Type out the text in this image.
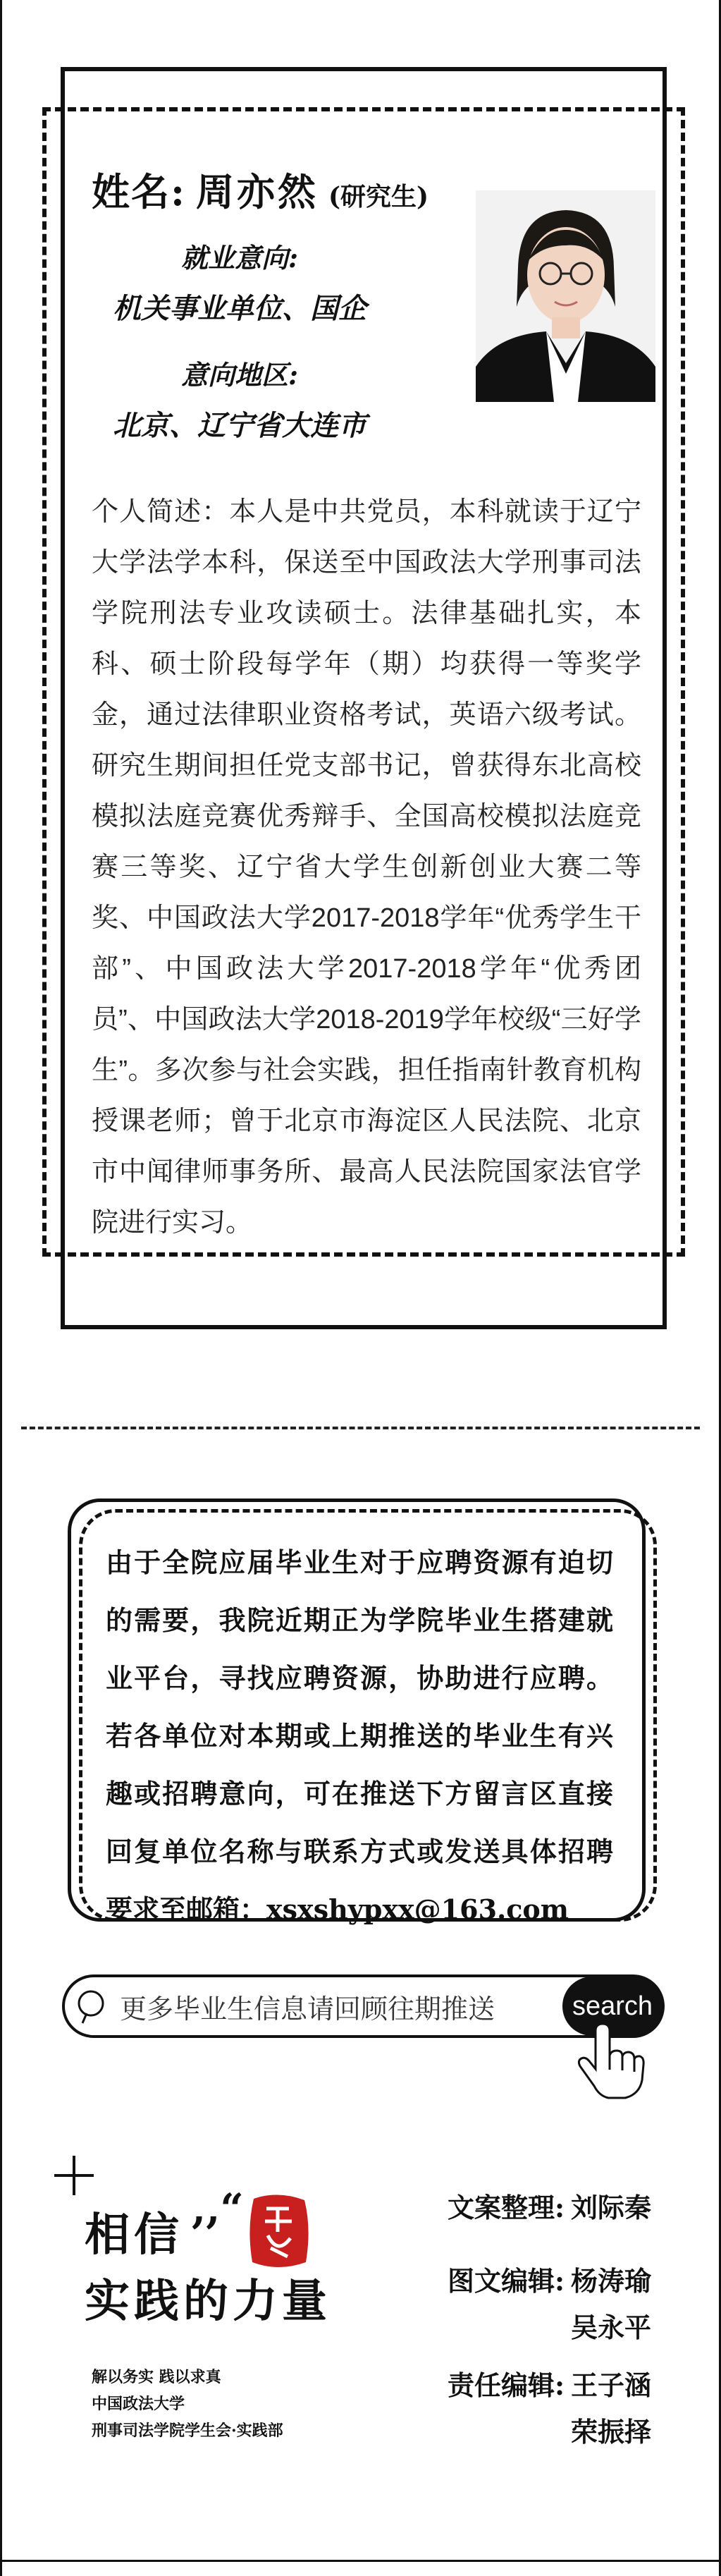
姓名: 周亦然 (研究生)
就业意向:
机关事业单位、国企
意向地区:
北京、辽宁省大连市
个人简述：本人是中共党员，本科就读于辽宁大学法学本科，保送至中国政法大学刑事司法学院刑法专业攻读硕士。法律基础扎实，本科、硕士阶段每学年（期）均获得一等奖学金，通过法律职业资格考试，英语六级考试。研究生期间担任党支部书记，曾获得东北高校模拟法庭竞赛优秀辩手、全国高校模拟法庭竞赛三等奖、辽宁省大学生创新创业大赛二等奖、中国政法大学2017-2018学年“优秀学生干部”、中国政法大学2017-2018学年“优秀团员”、中国政法大学2018-2019学年校级“三好学生”。多次参与社会实践，担任指南针教育机构授课老师；曾于北京市海淀区人民法院、北京市中闻律师事务所、最高人民法院国家法官学院进行实习。
由于全院应届毕业生对于应聘资源有迫切的需要，我院近期正为学院毕业生搭建就业平台，寻找应聘资源，协助进行应聘。若各单位对本期或上期推送的毕业生有兴趣或招聘意向，可在推送下方留言区直接回复单位名称与联系方式或发送具体招聘要求至邮箱：xsxshypxx@163.com
更多毕业生信息请回顾往期推送	search
相信 ,,“
实践的力量
解以务实 践以求真
中国政法大学
刑事司法学院学生会·实践部
文案整理: 刘际秦
图文编辑: 杨涛瑜
吴永平
责任编辑: 王子涵
荣振择
